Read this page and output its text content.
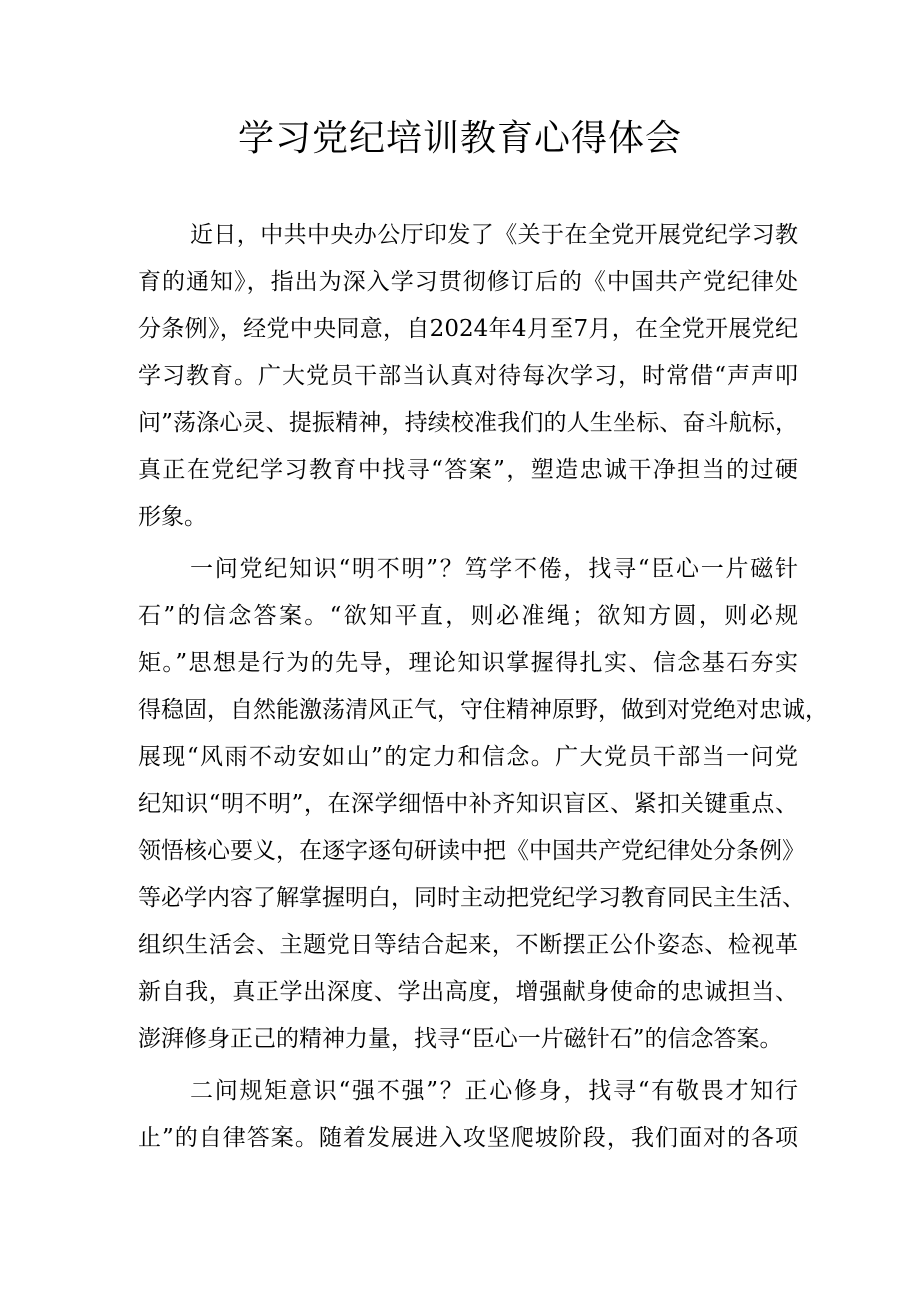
学习党纪培训教育心得体会
近日，中共中央办公厅印发了《关于在全党开展党纪学习教
育的通知》，指出为深入学习贯彻修订后的《中国共产党纪律处
分条例》，经党中央同意，自2024年4月至7月，在全党开展党纪
学习教育。广大党员干部当认真对待每次学习，时常借“声声叩
问”荡涤心灵、提振精神，持续校准我们的人生坐标、奋斗航标，
真正在党纪学习教育中找寻“答案”，塑造忠诚干净担当的过硬
形象。
一问党纪知识“明不明”？笃学不倦，找寻“臣心一片磁针
石”的信念答案。“欲知平直，则必准绳；欲知方圆，则必规
矩。”思想是行为的先导，理论知识掌握得扎实、信念基石夯实
得稳固，自然能激荡清风正气，守住精神原野，做到对党绝对忠诚，
展现“风雨不动安如山”的定力和信念。广大党员干部当一问党
纪知识“明不明”，在深学细悟中补齐知识盲区、紧扣关键重点、
领悟核心要义，在逐字逐句研读中把《中国共产党纪律处分条例》
等必学内容了解掌握明白，同时主动把党纪学习教育同民主生活、
组织生活会、主题党日等结合起来，不断摆正公仆姿态、检视革
新自我，真正学出深度、学出高度，增强献身使命的忠诚担当、
澎湃修身正己的精神力量，找寻“臣心一片磁针石”的信念答案。
二问规矩意识“强不强”？正心修身，找寻“有敬畏才知行
止”的自律答案。随着发展进入攻坚爬坡阶段，我们面对的各项
